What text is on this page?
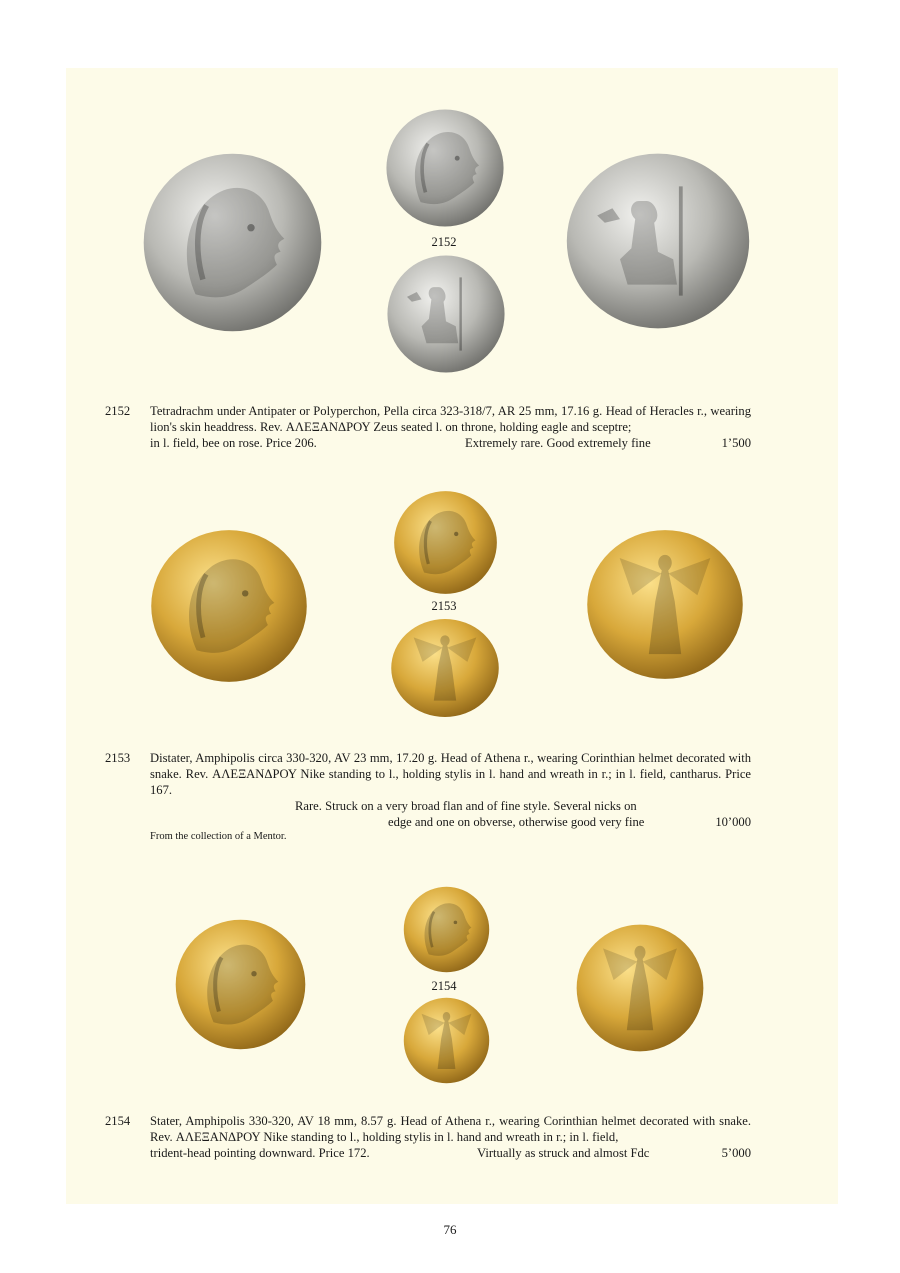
2152
2152 Tetradrachm under Antipater or Polyperchon, Pella circa 323-318/7, AR 25 mm, 17.16 g. Head of Heracles r., wearing lion's skin headdress. Rev. ΑΛΕΞΑΝΔΡΟΥ Zeus seated l. on throne, holding eagle and sceptre;
in l. field, bee on rose. Price 206.	Extremely rare. Good extremely fine	1’500
2153
2153 Distater, Amphipolis circa 330-320, AV 23 mm, 17.20 g. Head of Athena r., wearing Corinthian helmet decorated with snake. Rev. ΑΛΕΞΑΝΔΡΟΥ Nike standing to l., holding stylis in l. hand and wreath in r.; in l. field, cantharus. Price 167.
Rare. Struck on a very broad flan and of fine style. Several nicks on
edge and one on obverse, otherwise good very fine	10’000
From the collection of a Mentor.
2154
2154 Stater, Amphipolis 330-320, AV 18 mm, 8.57 g. Head of Athena r., wearing Corinthian helmet decorated with snake. Rev. ΑΛΕΞΑΝΔΡΟΥ Nike standing to l., holding stylis in l. hand and wreath in r.; in l. field,
trident-head pointing downward. Price 172.	Virtually as struck and almost Fdc	5’000
76
